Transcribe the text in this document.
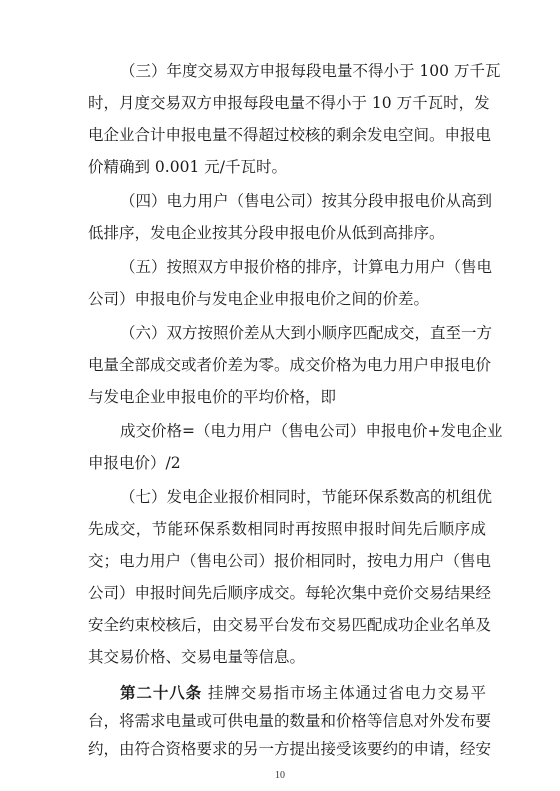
（三）年度交易双方申报每段电量不得小于 100 万千瓦
时，月度交易双方申报每段电量不得小于 10 万千瓦时，发
电企业合计申报电量不得超过校核的剩余发电空间。申报电
价精确到 0.001 元/千瓦时。
（四）电力用户（售电公司）按其分段申报电价从高到
低排序，发电企业按其分段申报电价从低到高排序。
（五）按照双方申报价格的排序，计算电力用户（售电
公司）申报电价与发电企业申报电价之间的价差。
（六）双方按照价差从大到小顺序匹配成交，直至一方
电量全部成交或者价差为零。成交价格为电力用户申报电价
与发电企业申报电价的平均价格，即
成交价格=（电力用户（售电公司）申报电价+发电企业
申报电价）/2
（七）发电企业报价相同时，节能环保系数高的机组优
先成交，节能环保系数相同时再按照申报时间先后顺序成
交；电力用户（售电公司）报价相同时，按电力用户（售电
公司）申报时间先后顺序成交。每轮次集中竞价交易结果经
安全约束校核后，由交易平台发布交易匹配成功企业名单及
10
其交易价格、交易电量等信息。
第二十八条 挂牌交易指市场主体通过省电力交易平
台，将需求电量或可供电量的数量和价格等信息对外发布要
约，由符合资格要求的另一方提出接受该要约的申请，经安
